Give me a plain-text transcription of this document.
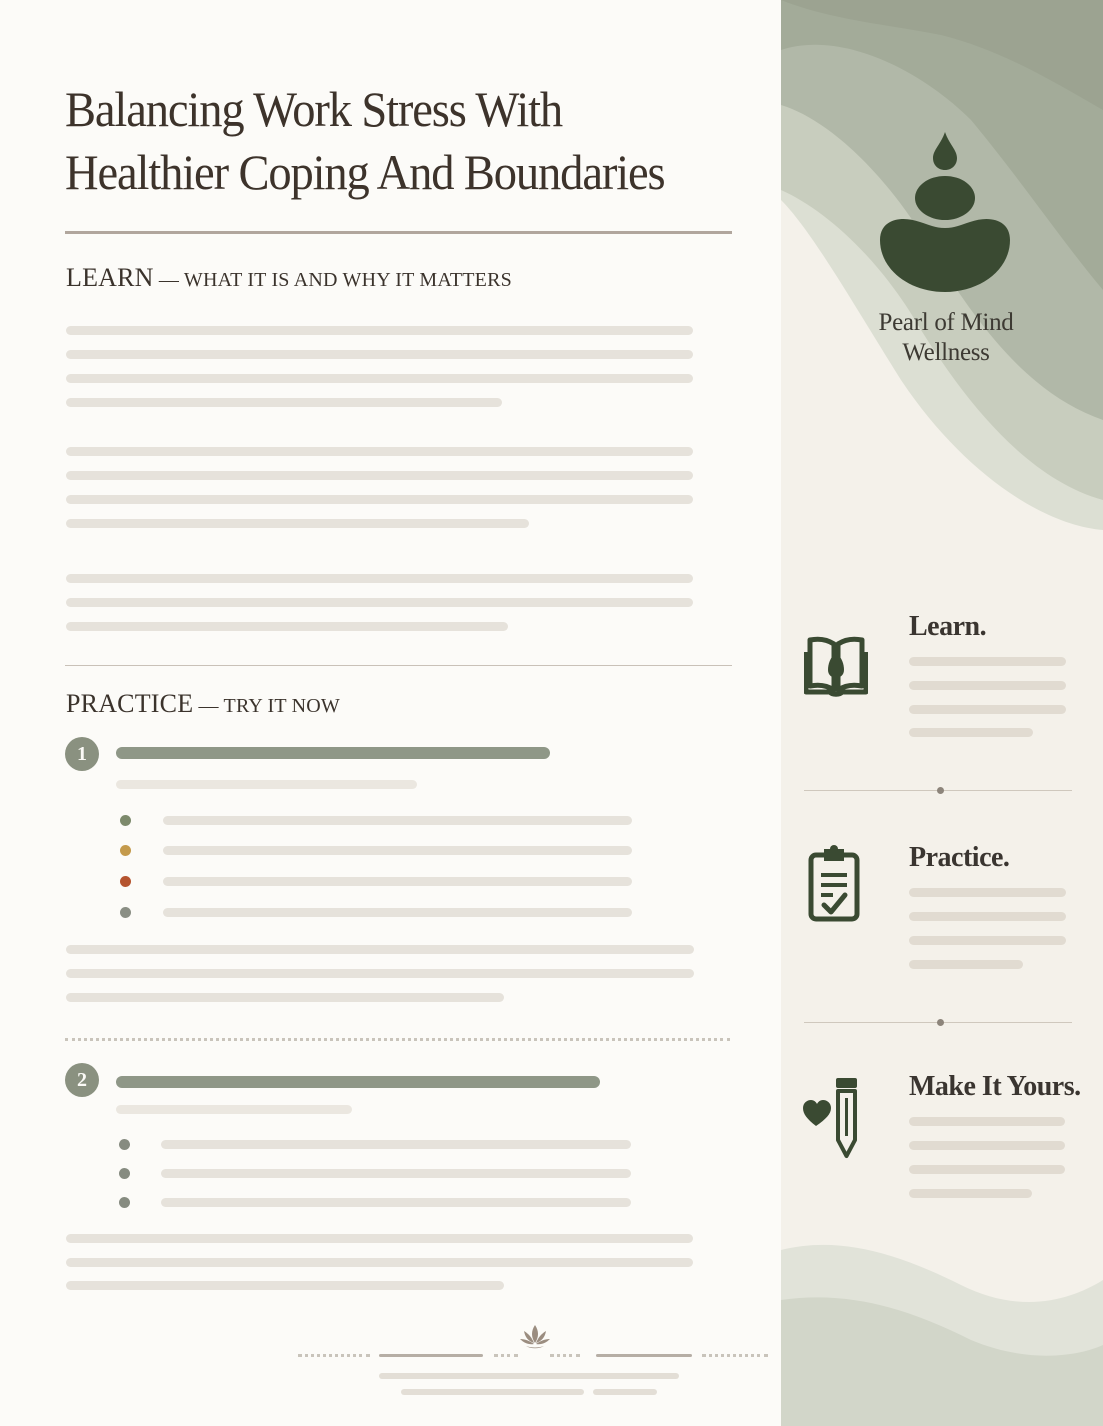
Balancing Work Stress With
Healthier Coping And Boundaries
LEARN — WHAT IT IS AND WHY IT MATTERS
PRACTICE — TRY IT NOW
1
2
Pearl of Mind
Wellness
Learn.
Practice.
Make It Yours.
